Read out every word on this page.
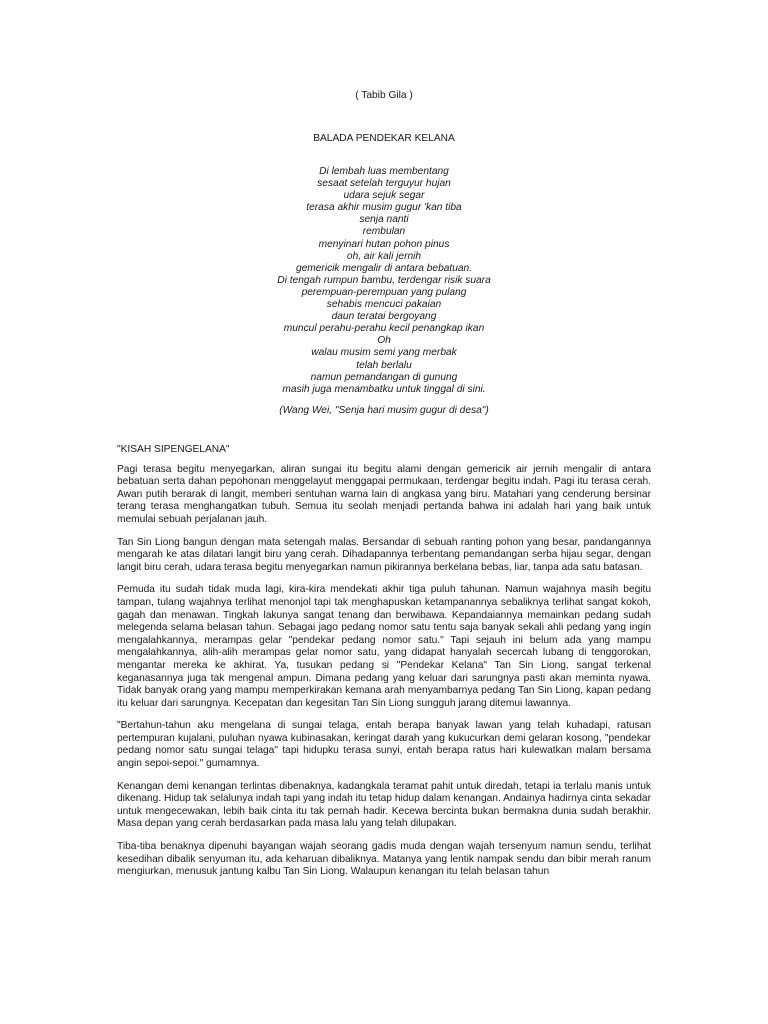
( Tabib Gila )
BALADA PENDEKAR KELANA
Di lembah luas membentang
sesaat setelah terguyur hujan
udara sejuk segar
terasa akhir musim gugur 'kan tiba
senja nanti
rembulan
menyinari hutan pohon pinus
oh, air kali jernih
gemericik mengalir di antara bebatuan.
Di tengah rumpun bambu, terdengar risik suara
perempuan-perempuan yang pulang
sehabis mencuci pakaian
daun teratai bergoyang
muncul perahu-perahu kecil penangkap ikan
Oh
walau musim semi yang merbak
telah berlalu
namun pemandangan di gunung
masih juga menambatku untuk tinggal di sini.
(Wang Wei, "Senja hari musim gugur di desa")
"KISAH SIPENGELANA"

Pagi terasa begitu menyegarkan, aliran sungai itu begitu alami dengan gemericik air jernih mengalir di antara bebatuan serta dahan pepohonan menggelayut menggapai permukaan, terdengar begitu indah. Pagi itu terasa cerah. Awan putih berarak di langit, memberi sentuhan warna lain di angkasa yang biru. Matahari yang cenderung bersinar terang terasa menghangatkan tubuh. Semua itu seolah menjadi pertanda bahwa ini adalah hari yang baik untuk memulai sebuah perjalanan jauh.

Tan Sin Liong bangun dengan mata setengah malas. Bersandar di sebuah ranting pohon yang besar, pandangannya mengarah ke atas dilatari langit biru yang cerah. Dihadapannya terbentang pemandangan serba hijau segar, dengan langit biru cerah, udara terasa begitu menyegarkan namun pikirannya berkelana bebas, liar, tanpa ada satu batasan.

Pemuda itu sudah tidak muda lagi, kira-kira mendekati akhir tiga puluh tahunan. Namun wajahnya masih begitu tampan, tulang wajahnya terlihat menonjol tapi tak menghapuskan ketampanannya sebaliknya terlihat sangat kokoh, gagah dan menawan. Tingkah lakunya sangat tenang dan berwibawa. Kepandaiannya memainkan pedang sudah melegenda selama belasan tahun. Sebagai jago pedang nomor satu tentu saja banyak sekali ahli pedang yang ingin mengalahkannya, merampas gelar "pendekar pedang nomor satu." Tapi sejauh ini belum ada yang mampu mengalahkannya, alih-alih merampas gelar nomor satu, yang didapat hanyalah secercah lubang di tenggorokan, mengantar mereka ke akhirat. Ya, tusukan pedang si "Pendekar Kelana" Tan Sin Liong, sangat terkenal keganasannya juga tak mengenal ampun. Dimana pedang yang keluar dari sarungnya pasti akan meminta nyawa. Tidak banyak orang yang mampu memperkirakan kemana arah menyambarnya pedang Tan Sin Liong, kapan pedang itu keluar dari sarungnya. Kecepatan dan kegesitan Tan Sin Liong sungguh jarang ditemui lawannya.

"Bertahun-tahun aku mengelana di sungai telaga, entah berapa banyak lawan yang telah kuhadapi, ratusan pertempuran kujalani, puluhan nyawa kubinasakan, keringat darah yang kukucurkan demi gelaran kosong, "pendekar pedang nomor satu sungai telaga" tapi hidupku terasa sunyi, entah berapa ratus hari kulewatkan malam bersama angin sepoi-sepoi." gumamnya.

Kenangan demi kenangan terlintas dibenaknya, kadangkala teramat pahit untuk diredah, tetapi ia terlalu manis untuk dikenang. Hidup tak selalunya indah tapi yang indah itu tetap hidup dalam kenangan. Andainya hadirnya cinta sekadar untuk mengecewakan, lebih baik cinta itu tak pernah hadir. Kecewa bercinta bukan bermakna dunia sudah berakhir. Masa depan yang cerah berdasarkan pada masa lalu yang telah dilupakan.

Tiba-tiba benaknya dipenuhi bayangan wajah seorang gadis muda dengan wajah tersenyum namun sendu, terlihat kesedihan dibalik senyuman itu, ada keharuan dibaliknya. Matanya yang lentik nampak sendu dan bibir merah ranum mengiurkan, menusuk jantung kalbu Tan Sin Liong. Walaupun kenangan itu telah belasan tahun
